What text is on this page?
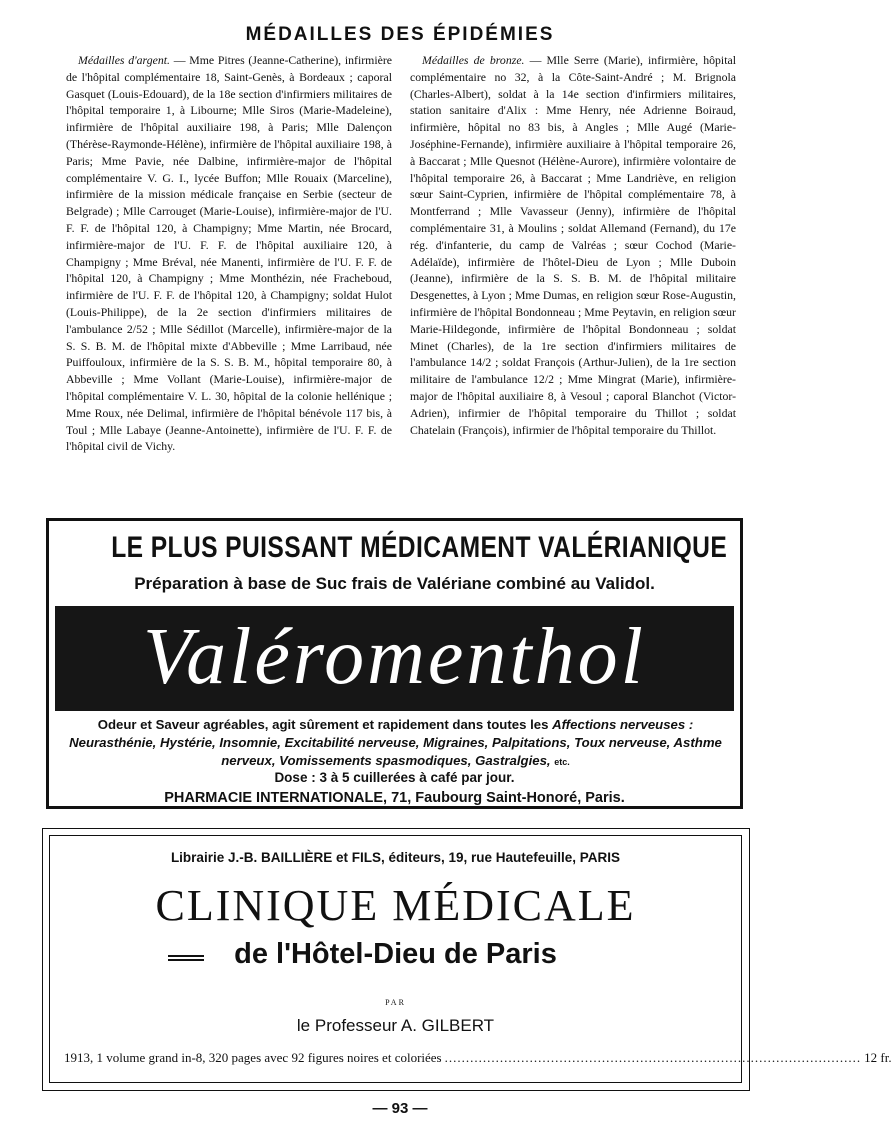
MÉDAILLES DES ÉPIDÉMIES

Médailles d'argent. — Mme Pitres (Jeanne-Catherine), infirmière de l'hôpital complémentaire 18, Saint-Genès, à Bordeaux ; caporal Gasquet (Louis-Edouard), de la 18e section d'infirmiers militaires de l'hôpital temporaire 1, à Libourne; Mlle Siros (Marie-Madeleine), infirmière de l'hôpital auxiliaire 198, à Paris; Mlle Dalençon (Thérèse-Raymonde-Hélène), infirmière de l'hôpital auxiliaire 198, à Paris; Mme Pavie, née Dalbine, infirmière-major de l'hôpital complémentaire V. G. I., lycée Buffon; Mlle Rouaix (Marceline), infirmière de la mission médicale française en Serbie (secteur de Belgrade) ; Mlle Carrouget (Marie-Louise), infirmière-major de l'U. F. F. de l'hôpital 120, à Champigny; Mme Martin, née Brocard, infirmière-major de l'U. F. F. de l'hôpital auxiliaire 120, à Champigny ; Mme Bréval, née Manenti, infirmière de l'U. F. F. de l'hôpital 120, à Champigny ; Mme Monthézin, née Fracheboud, infirmière de l'U. F. F. de l'hôpital 120, à Champigny; soldat Hulot (Louis-Philippe), de la 2e section d'infirmiers militaires de l'ambulance 2/52 ; Mlle Sédillot (Marcelle), infirmière-major de la S. S. B. M. de l'hôpital mixte d'Abbeville ; Mme Larribaud, née Puiffouloux, infirmière de la S. S. B. M., hôpital temporaire 80, à Abbeville ; Mme Vollant (Marie-Louise), infirmière-major de l'hôpital complémentaire V. L. 30, hôpital de la colonie hellénique ; Mme Roux, née Delimal, infirmière de l'hôpital bénévole 117 bis, à Toul ; Mlle Labaye (Jeanne-Antoinette), infirmière de l'U. F. F. de l'hôpital civil de Vichy.

Médailles de bronze. — Mlle Serre (Marie), infirmière, hôpital complémentaire no 32, à la Côte-Saint-André ; M. Brignola (Charles-Albert), soldat à la 14e section d'infirmiers militaires, station sanitaire d'Alix : Mme Henry, née Adrienne Boiraud, infirmière, hôpital no 83 bis, à Angles ; Mlle Augé (Marie-Joséphine-Fernande), infirmière auxiliaire à l'hôpital temporaire 26, à Baccarat ; Mlle Quesnot (Hélène-Aurore), infirmière volontaire de l'hôpital temporaire 26, à Baccarat ; Mme Landrièvе, en religion sœur Saint-Cyprien, infirmière de l'hôpital complémentaire 78, à Montferrand ; Mlle Vavasseur (Jenny), infirmière de l'hôpital complémentaire 31, à Moulins ; soldat Allemand (Fernand), du 17e rég. d'infanterie, du camp de Valréas ; sœur Cochod (Marie-Adélaïde), infirmière de l'hôtel-Dieu de Lyon ; Mlle Duboin (Jeanne), infirmière de la S. S. B. M. de l'hôpital militaire Desgenettes, à Lyon ; Mme Dumas, en religion sœur Rose-Augustin, infirmière de l'hôpital Bondonneau ; Mme Peytavin, en religion sœur Marie-Hildegonde, infirmière de l'hôpital Bondonneau ; soldat Minet (Charles), de la 1re section d'infirmiers militaires de l'ambulance 14/2 ; soldat François (Arthur-Julien), de la 1re section militaire de l'ambulance 12/2 ; Mme Mingrat (Marie), infirmière-major de l'hôpital auxiliaire 8, à Vesoul ; caporal Blanchot (Victor-Adrien), infirmier de l'hôpital temporaire du Thillot ; soldat Chatelain (François), infirmier de l'hôpital temporaire du Thillot.

LE PLUS PUISSANT MÉDICAMENT VALÉRIANIQUE
Préparation à base de Suc frais de Valériane combiné au Validol.
Valéromenthol
Odeur et Saveur agréables, agit sûrement et rapidement dans toutes les Affections nerveuses : Neurasthénie, Hystérie, Insomnie, Excitabilité nerveuse, Migraines, Palpitations, Toux nerveuse, Asthme nerveux, Vomissements spasmodiques, Gastralgies, etc.
Dose : 3 à 5 cuillerées à café par jour.
PHARMACIE INTERNATIONALE, 71, Faubourg Saint-Honoré, Paris.
Librairie J.-B. BAILLIÈRE et FILS, éditeurs, 19, rue Hautefeuille, PARIS
CLINIQUE MÉDICALE
de l'Hôtel-Dieu de Paris
PAR
le Professeur A. GILBERT
1913, 1 volume grand in-8, 320 pages avec 92 figures noires et coloriées .................................................................................................. 12 fr.
— 93 —
